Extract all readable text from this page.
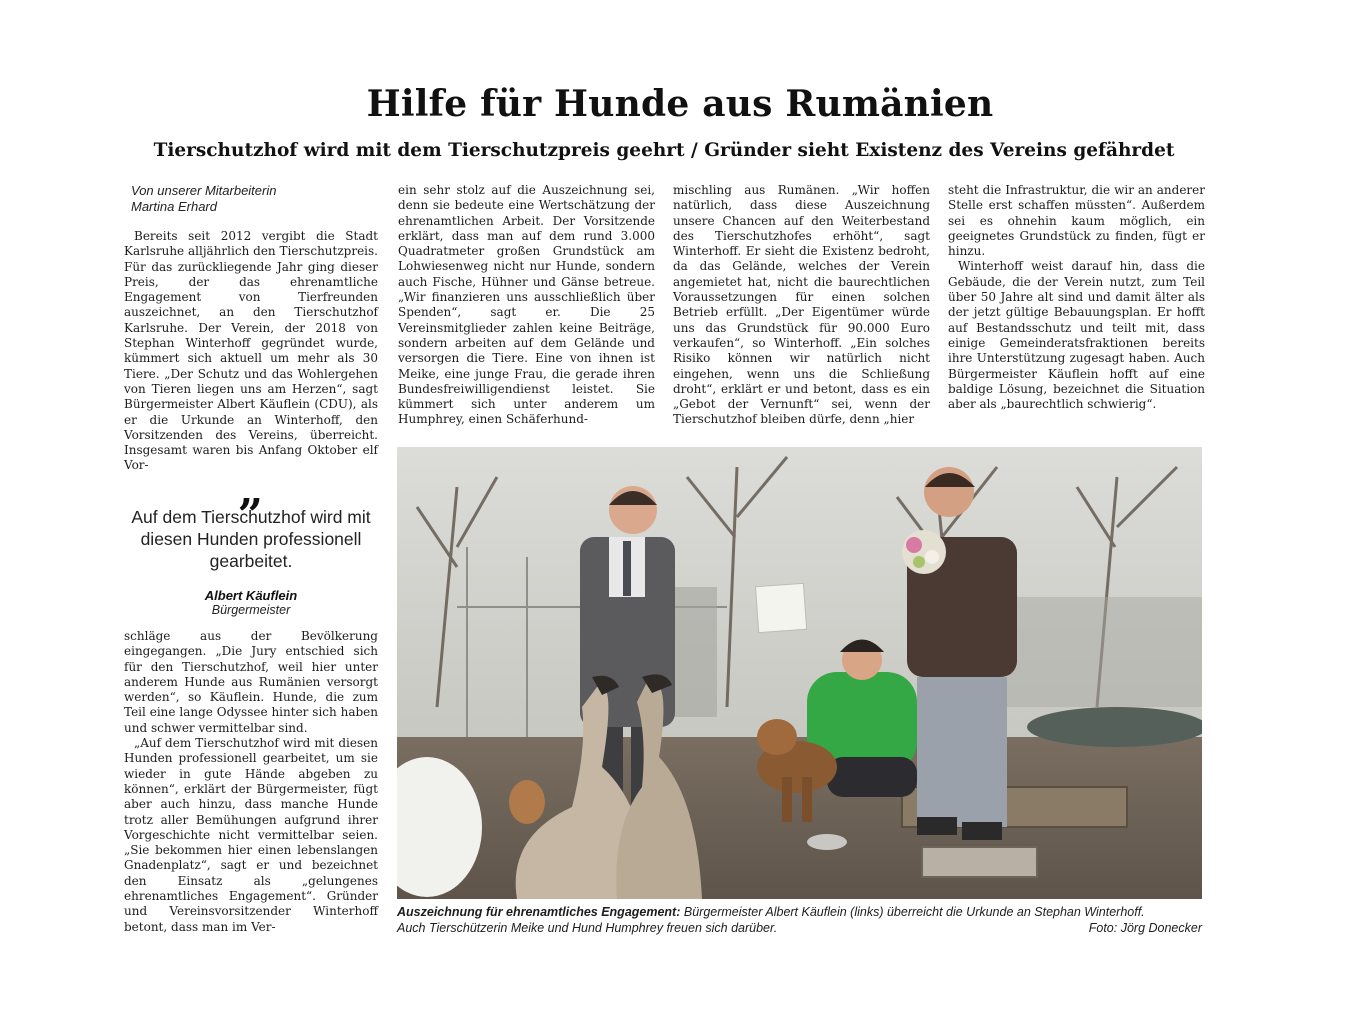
Hilfe für Hunde aus Rumänien
Tierschutzhof wird mit dem Tierschutzpreis geehrt / Gründer sieht Existenz des Vereins gefährdet
Von unserer Mitarbeiterin
Martina Erhard

Bereits seit 2012 vergibt die Stadt Karlsruhe alljährlich den Tierschutzpreis. Für das zurückliegende Jahr ging dieser Preis, der das ehrenamtliche Engagement von Tierfreunden auszeichnet, an den Tierschutzhof Karlsruhe. Der Verein, der 2018 von Stephan Winterhoff gegründet wurde, kümmert sich aktuell um mehr als 30 Tiere. „Der Schutz und das Wohlergehen von Tieren liegen uns am Herzen“, sagt Bürgermeister Albert Käuflein (CDU), als er die Urkunde an Winterhoff, den Vorsitzenden des Vereins, überreicht. Insgesamt waren bis Anfang Oktober elf Vor-	„
Auf dem Tierschutzhof wird mit diesen Hunden professionell gearbeitet.
Albert Käuflein
Bürgermeister

schläge aus der Bevölkerung eingegangen. „Die Jury entschied sich für den Tierschutzhof, weil hier unter anderem Hunde aus Rumänien versorgt werden“, so Käuflein. Hunde, die zum Teil eine lange Odyssee hinter sich haben und schwer vermittelbar sind.

„Auf dem Tierschutzhof wird mit diesen Hunden professionell gearbeitet, um sie wieder in gute Hände abgeben zu können“, erklärt der Bürgermeister, fügt aber auch hinzu, dass manche Hunde trotz aller Bemühungen aufgrund ihrer Vorgeschichte nicht vermittelbar seien. „Sie bekommen hier einen lebenslangen Gnadenplatz“, sagt er und bezeichnet den Einsatz als „gelungenes ehrenamtliches Engagement“. Gründer und Vereinsvorsitzender Winterhoff betont, dass man im Ver-

ein sehr stolz auf die Auszeichnung sei, denn sie bedeute eine Wertschätzung der ehrenamtlichen Arbeit. Der Vorsitzende erklärt, dass man auf dem rund 3.000 Quadratmeter großen Grundstück am Lohwiesenweg nicht nur Hunde, sondern auch Fische, Hühner und Gänse betreue. „Wir finanzieren uns ausschließlich über Spenden“, sagt er. Die 25 Vereinsmitglieder zahlen keine Beiträge, sondern arbeiten auf dem Gelände und versorgen die Tiere. Eine von ihnen ist Meike, eine junge Frau, die gerade ihren Bundesfreiwilligendienst leistet. Sie kümmert sich unter anderem um Humphrey, einen Schäferhund-

mischling aus Rumänen. „Wir hoffen natürlich, dass diese Auszeichnung unsere Chancen auf den Weiterbestand des Tierschutzhofes erhöht“, sagt Winterhoff. Er sieht die Existenz bedroht, da das Gelände, welches der Verein angemietet hat, nicht die baurechtlichen Voraussetzungen für einen solchen Betrieb erfüllt. „Der Eigentümer würde uns das Grundstück für 90.000 Euro verkaufen“, so Winterhoff. „Ein solches Risiko können wir natürlich nicht eingehen, wenn uns die Schließung droht“, erklärt er und betont, dass es ein „Gebot der Vernunft“ sei, wenn der Tierschutzhof bleiben dürfe, denn „hier

steht die Infrastruktur, die wir an anderer Stelle erst schaffen müssten“. Außerdem sei es ohnehin kaum möglich, ein geeignetes Grundstück zu finden, fügt er hinzu.

Winterhoff weist darauf hin, dass die Gebäude, die der Verein nutzt, zum Teil über 50 Jahre alt sind und damit älter als der jetzt gültige Bebauungsplan. Er hofft auf Bestandsschutz und teilt mit, dass einige Gemeinderatsfraktionen bereits ihre Unterstützung zugesagt haben. Auch Bürgermeister Käuflein hofft auf eine baldige Lösung, bezeichnet die Situation aber als „baurechtlich schwierig“.

Auszeichnung für ehrenamtliches Engagement: Bürgermeister Albert Käuflein (links) überreicht die Urkunde an Stephan Winterhoff.
Auch Tierschützerin Meike und Hund Humphrey freuen sich darüber.	Foto: Jörg Donecker
